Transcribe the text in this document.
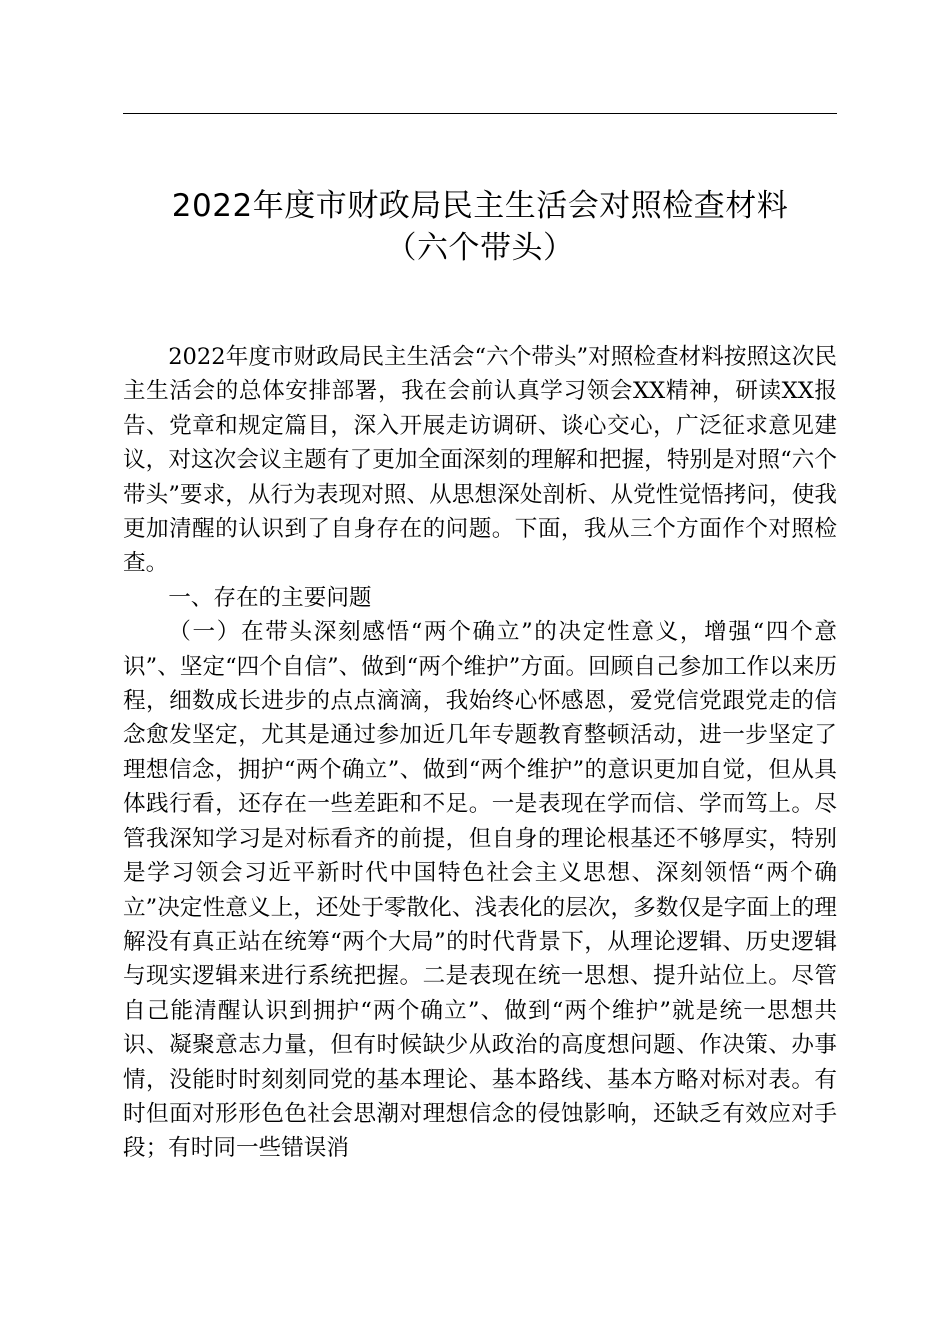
2022年度市财政局民主生活会对照检查材料
（六个带头）

2022年度市财政局民主生活会“六个带头”对照检查材料按照这次民主生活会的总体安排部署，我在会前认真学习领会XX精神，研读XX报告、党章和规定篇目，深入开展走访调研、谈心交心，广泛征求意见建议，对这次会议主题有了更加全面深刻的理解和把握，特别是对照“六个带头”要求，从行为表现对照、从思想深处剖析、从党性觉悟拷问，使我更加清醒的认识到了自身存在的问题。下面，我从三个方面作个对照检查。

一、存在的主要问题

（一）在带头深刻感悟“两个确立”的决定性意义，增强“四个意识”、坚定“四个自信”、做到“两个维护”方面。回顾自己参加工作以来历程，细数成长进步的点点滴滴，我始终心怀感恩，爱党信党跟党走的信念愈发坚定，尤其是通过参加近几年专题教育整顿活动，进一步坚定了理想信念，拥护“两个确立”、做到“两个维护”的意识更加自觉，但从具体践行看，还存在一些差距和不足。一是表现在学而信、学而笃上。尽管我深知学习是对标看齐的前提，但自身的理论根基还不够厚实，特别是学习领会习近平新时代中国特色社会主义思想、深刻领悟“两个确立”决定性意义上，还处于零散化、浅表化的层次，多数仅是字面上的理解没有真正站在统筹“两个大局”的时代背景下，从理论逻辑、历史逻辑与现实逻辑来进行系统把握。二是表现在统一思想、提升站位上。尽管自己能清醒认识到拥护“两个确立”、做到“两个维护”就是统一思想共识、凝聚意志力量，但有时候缺少从政治的高度想问题、作决策、办事情，没能时时刻刻同党的基本理论、基本路线、基本方略对标对表。有时但面对形形色色社会思潮对理想信念的侵蚀影响，还缺乏有效应对手段；有时同一些错误消
